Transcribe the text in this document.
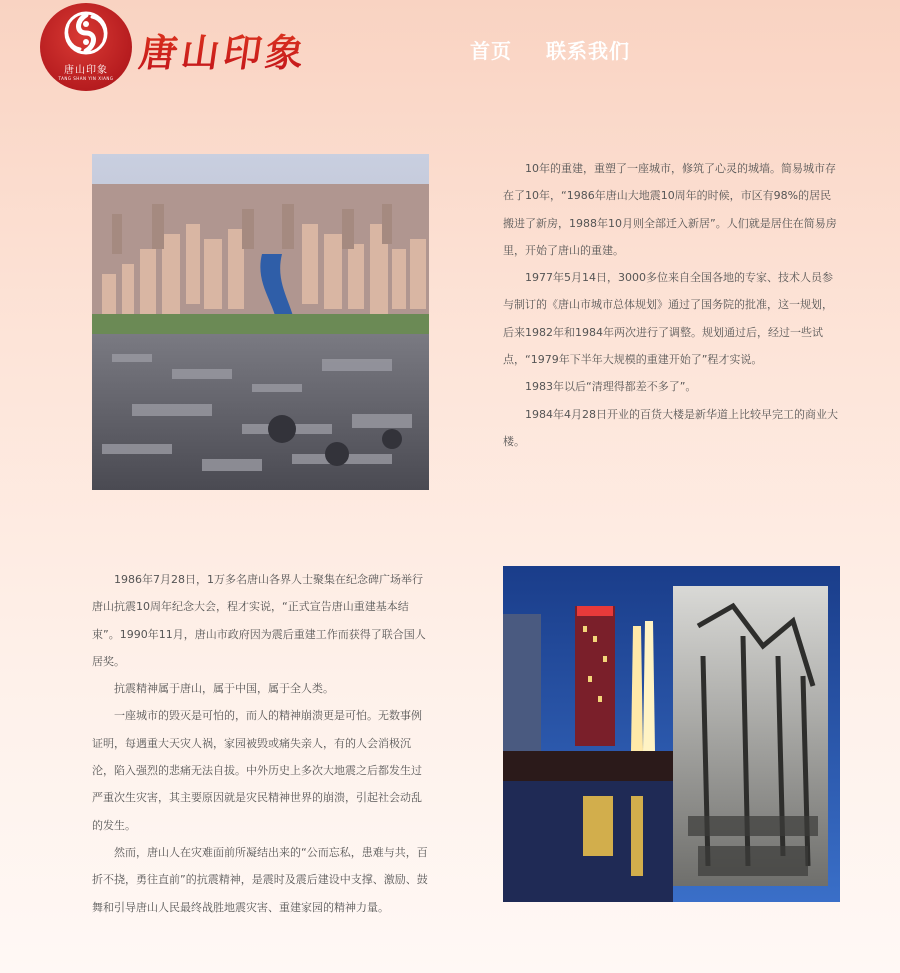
唐山印象
TANG SHAN YIN XIANG
唐山印象	首页 联系我们

10年的重建，重塑了一座城市，修筑了心灵的城墙。简易城市存在了10年，“1986年唐山大地震10周年的时候，市区有98%的居民搬进了新房，1988年10月则全部迁入新居”。人们就是居住在简易房里，开始了唐山的重建。

1977年5月14日，3000多位来自全国各地的专家、技术人员参与制订的《唐山市城市总体规划》通过了国务院的批准，这一规划，后来1982年和1984年两次进行了调整。规划通过后，经过一些试点，“1979年下半年大规模的重建开始了”程才实说。

1983年以后“清理得都差不多了”。

1984年4月28日开业的百货大楼是新华道上比较早完工的商业大楼。

1986年7月28日，1万多名唐山各界人士聚集在纪念碑广场举行唐山抗震10周年纪念大会，程才实说，“正式宣告唐山重建基本结束”。1990年11月，唐山市政府因为震后重建工作而获得了联合国人居奖。

抗震精神属于唐山，属于中国，属于全人类。

一座城市的毁灭是可怕的，而人的精神崩溃更是可怕。无数事例证明，每遇重大天灾人祸，家园被毁或痛失亲人，有的人会消极沉沦，陷入强烈的悲痛无法自拔。中外历史上多次大地震之后都发生过严重次生灾害，其主要原因就是灾民精神世界的崩溃，引起社会动乱的发生。

然而，唐山人在灾难面前所凝结出来的“公而忘私，患难与共，百折不挠，勇往直前”的抗震精神，是震时及震后建设中支撑、激励、鼓舞和引导唐山人民最终战胜地震灾害、重建家园的精神力量。
